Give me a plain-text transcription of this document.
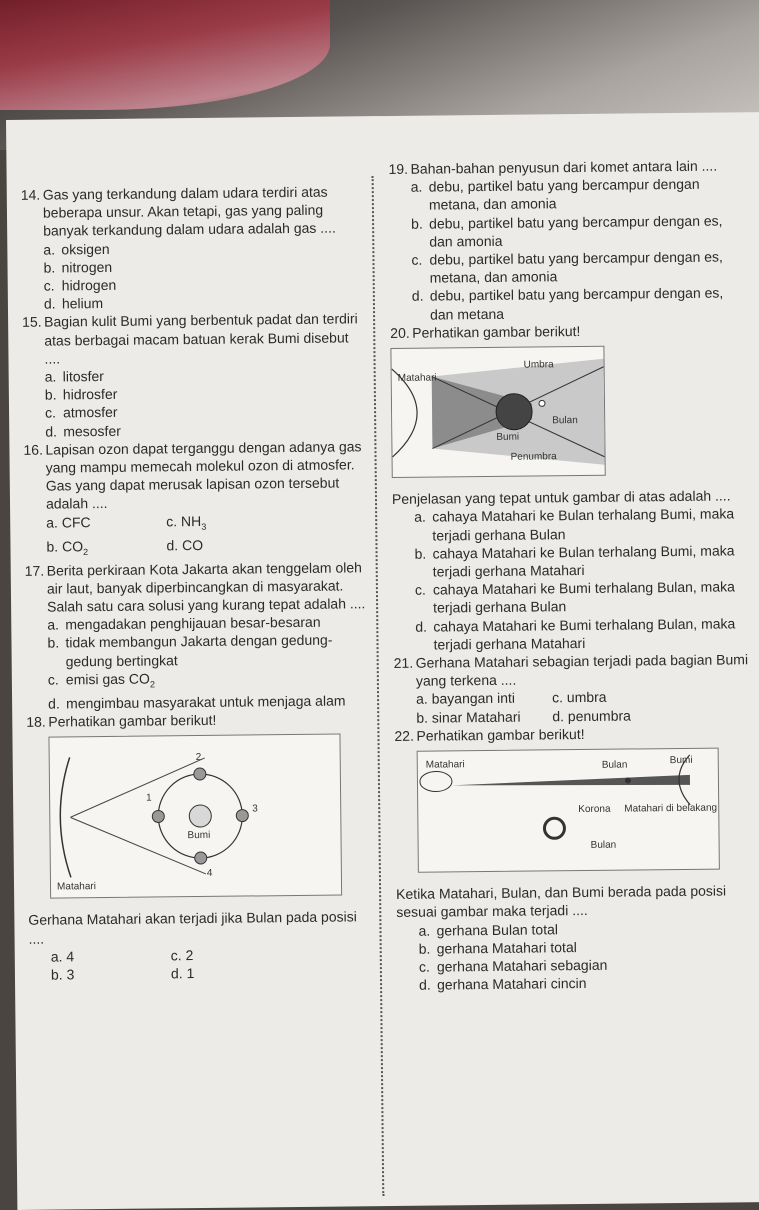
14. Gas yang terkandung dalam udara terdiri atas beberapa unsur. Akan tetapi, gas yang paling banyak terkandung dalam udara adalah gas ....
a. oksigen
b. nitrogen
c. hidrogen
d. helium
15. Bagian kulit Bumi yang berbentuk padat dan terdiri atas berbagai macam batuan kerak Bumi disebut ....
a. litosfer
b. hidrosfer
c. atmosfer
d. mesosfer
16. Lapisan ozon dapat terganggu dengan adanya gas yang mampu memecah molekul ozon di atmosfer. Gas yang dapat merusak lapisan ozon tersebut adalah ....
a. CFC	c. $NH_3$
b. $CO_2$	d. CO
17. Berita perkiraan Kota Jakarta akan tenggelam oleh air laut, banyak diperbincangkan di masyarakat. Salah satu cara solusi yang kurang tepat adalah ....
a. mengadakan penghijauan besar-besaran
b. tidak membangun Jakarta dengan gedung-gedung bertingkat
c. emisi gas $CO_2$
d. mengimbau masyarakat untuk menjaga alam
18. Perhatikan gambar berikut!
2
1
3
4
Bumi
Matahari
Gerhana Matahari akan terjadi jika Bulan pada posisi ....
a. 4	c. 2
b. 3	d. 1
19. Bahan-bahan penyusun dari komet antara lain ....
a. debu, partikel batu yang bercampur dengan metana, dan amonia
b. debu, partikel batu yang bercampur dengan es, dan amonia
c. debu, partikel batu yang bercampur dengan es, metana, dan amonia
d. debu, partikel batu yang bercampur dengan es, dan metana
20. Perhatikan gambar berikut!
Umbra
Matahari
Bulan
Bumi
Penumbra
Penjelasan yang tepat untuk gambar di atas adalah ....
a. cahaya Matahari ke Bulan terhalang Bumi, maka terjadi gerhana Bulan
b. cahaya Matahari ke Bulan terhalang Bumi, maka terjadi gerhana Matahari
c. cahaya Matahari ke Bumi terhalang Bulan, maka terjadi gerhana Bulan
d. cahaya Matahari ke Bumi terhalang Bulan, maka terjadi gerhana Matahari
21. Gerhana Matahari sebagian terjadi pada bagian Bumi yang terkena ....
a. bayangan inti	c. umbra
b. sinar Matahari	d. penumbra
22. Perhatikan gambar berikut!
Matahari	Bulan	Bumi
Korona Matahari di belakang
Bulan
Ketika Matahari, Bulan, dan Bumi berada pada posisi sesuai gambar maka terjadi ....
a. gerhana Bulan total
b. gerhana Matahari total
c. gerhana Matahari sebagian
d. gerhana Matahari cincin
